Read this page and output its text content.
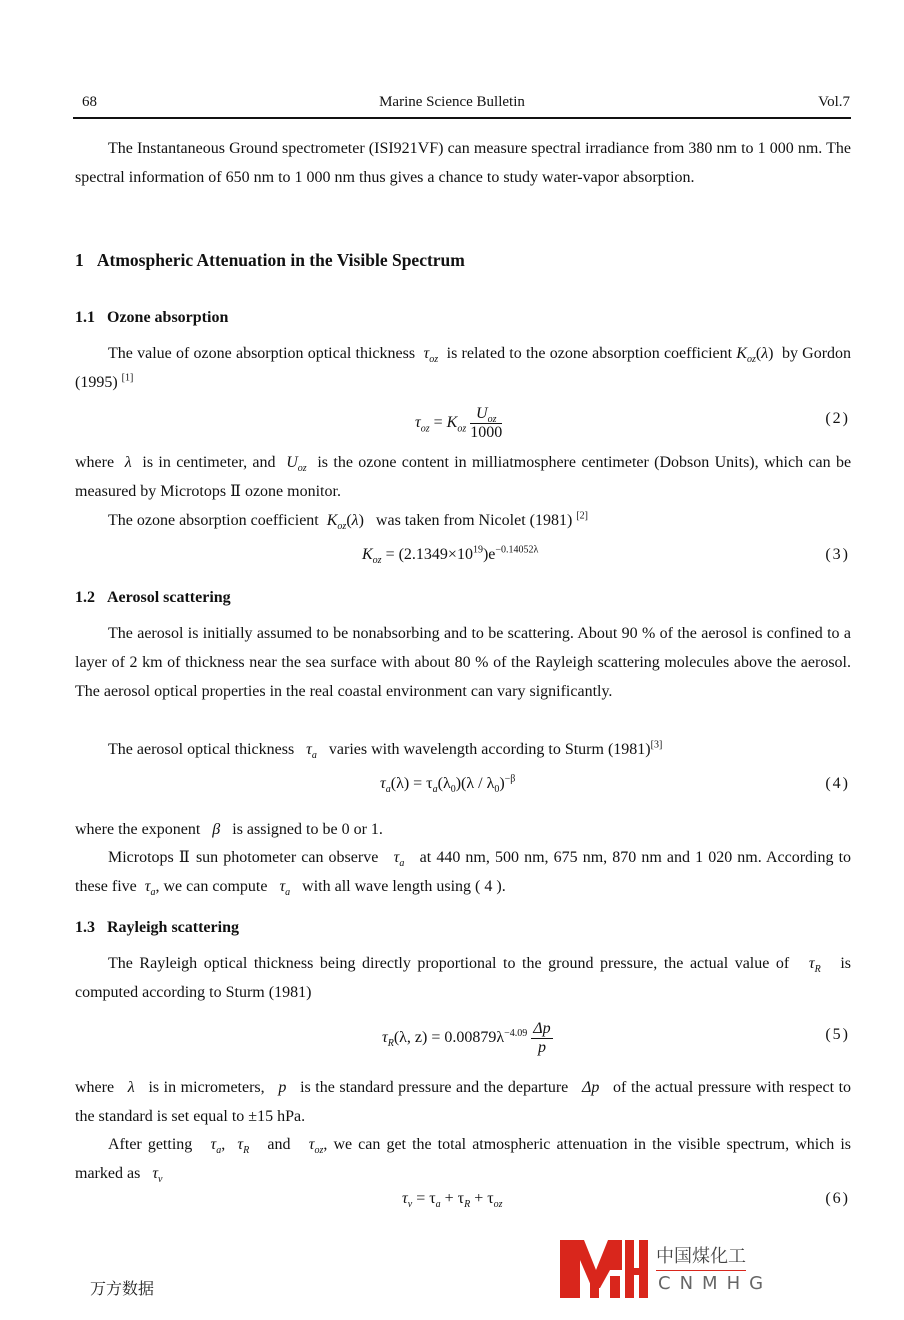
68	Marine Science Bulletin	Vol.7
The Instantaneous Ground spectrometer (ISI921VF) can measure spectral irradiance from 380 nm to 1 000 nm. The spectral information of 650 nm to 1 000 nm thus gives a chance to study water-vapor absorption.
1 Atmospheric Attenuation in the Visible Spectrum
1.1 Ozone absorption
The value of ozone absorption optical thickness $\tau_{oz}$ is related to the ozone absorption coefficient $K_{oz}(\lambda)$  by Gordon (1995) [1]
$\tau_{oz} = K_{oz} \frac{U_{oz}}{1000}$	(2)
where λ is in centimeter, and $U_{oz}$ is the ozone content in milliatmosphere centimeter (Dobson Units), which can be measured by Microtops Ⅱ ozone monitor.
The ozone absorption coefficient $K_{oz}(\lambda)$   was taken from Nicolet (1981) [2]
$K_{oz} = (2.1349\times 10^{19})e^{-0.14052\lambda}$	(3)
1.2 Aerosol scattering
The aerosol is initially assumed to be nonabsorbing and to be scattering. About 90 % of the aerosol is confined to a layer of 2 km of thickness near the sea surface with about 80 % of the Rayleigh scattering molecules above the aerosol. The aerosol optical properties in the real coastal environment can vary significantly.
The aerosol optical thickness $\tau_a$ varies with wavelength according to Sturm (1981)[3]
$\tau_a(\lambda) = \tau_a(\lambda_0)(\lambda / \lambda_0)^{-\beta}$	(4)
where the exponent β is assigned to be 0 or 1.
Microtops Ⅱ sun photometer can observe $\tau_a$ at 440 nm, 500 nm, 675 nm, 870 nm and 1 020 nm. According to these five $\tau_a$, we can compute $\tau_a$ with all wave length using ( 4 ).
1.3 Rayleigh scattering
The Rayleigh optical thickness being directly proportional to the ground pressure, the actual value of $\tau_R$ is computed according to Sturm (1981)
$\tau_R(\lambda$, $z) = 0.00879\lambda^{-4.09} \frac{\Delta p}{p}$	(5)
where λ is in micrometers, p is the standard pressure and the departure Δp of the actual pressure with respect to the standard is set equal to ±15 hPa.
After getting $\tau_a$, $\tau_R$ and $\tau_{oz}$, we can get the total atmospheric attenuation in the visible spectrum, which is marked as $\tau_v$
$\tau_v = \tau_a + \tau_R + \tau_{oz}$	(6)
中国煤化工
CNMHG
万方数据
